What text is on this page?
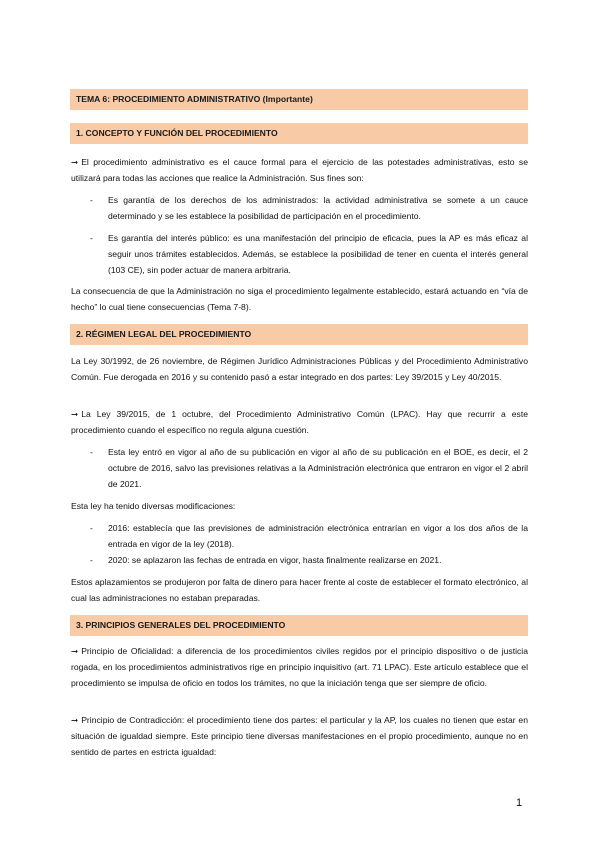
TEMA 6: PROCEDIMIENTO ADMINISTRATIVO (Importante)
1. CONCEPTO Y FUNCIÓN DEL PROCEDIMIENTO

➞ El procedimiento administrativo es el cauce formal para el ejercicio de las potestades administrativas, esto se utilizará para todas las acciones que realice la Administración. Sus fines son:

- Es garantía de los derechos de los administrados: la actividad administrativa se somete a un cauce determinado y se les establece la posibilidad de participación en el procedimiento.
- Es garantía del interés público: es una manifestación del principio de eficacia, pues la AP es más eficaz al seguir unos trámites establecidos. Además, se establece la posibilidad de tener en cuenta el interés general (103 CE), sin poder actuar de manera arbitraria.

La consecuencia de que la Administración no siga el procedimiento legalmente establecido, estará actuando en “vía de hecho” lo cual tiene consecuencias (Tema 7-8).

2. RÉGIMEN LEGAL DEL PROCEDIMIENTO

La Ley 30/1992, de 26 noviembre, de Régimen Jurídico Administraciones Públicas y del Procedimiento Administrativo Común. Fue derogada en 2016 y su contenido pasó a estar integrado en dos partes: Ley 39/2015 y Ley 40/2015.

➞ La Ley 39/2015, de 1 octubre, del Procedimiento Administrativo Común (LPAC). Hay que recurrir a este procedimiento cuando el específico no regula alguna cuestión.

- Esta ley entró en vigor al año de su publicación en vigor al año de su publicación en el BOE, es decir, el 2 octubre de 2016, salvo las previsiones relativas a la Administración electrónica que entraron en vigor el 2 abril de 2021.

Esta ley ha tenido diversas modificaciones:

- 2016: establecía que las previsiones de administración electrónica entrarían en vigor a los dos años de la entrada en vigor de la ley (2018).
- 2020: se aplazaron las fechas de entrada en vigor, hasta finalmente realizarse en 2021.

Estos aplazamientos se produjeron por falta de dinero para hacer frente al coste de establecer el formato electrónico, al cual las administraciones no estaban preparadas.

3. PRINCIPIOS GENERALES DEL PROCEDIMIENTO

➞ Principio de Oficialidad: a diferencia de los procedimientos civiles regidos por el principio dispositivo o de justicia rogada, en los procedimientos administrativos rige en principio inquisitivo (art. 71 LPAC). Este artículo establece que el procedimiento se impulsa de oficio en todos los trámites, no que la iniciación tenga que ser siempre de oficio.

➞ Principio de Contradicción: el procedimiento tiene dos partes: el particular y la AP, los cuales no tienen que estar en situación de igualdad siempre. Este principio tiene diversas manifestaciones en el propio procedimiento, aunque no en sentido de partes en estricta igualdad:

1
